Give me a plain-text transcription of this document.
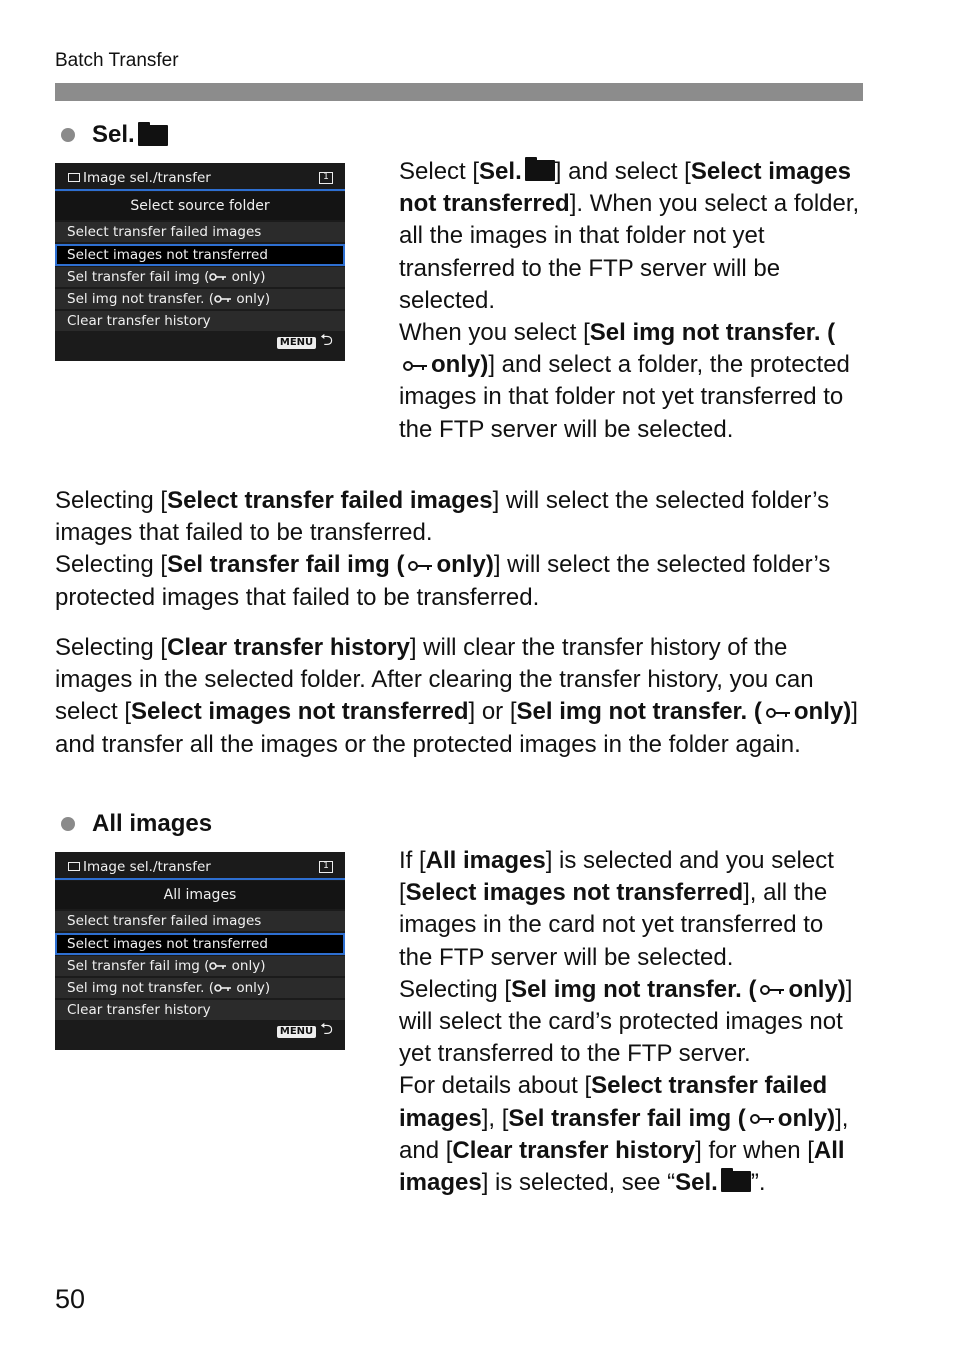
Batch Transfer
Sel.
Image sel./transfer	1
Select source folder
Select transfer failed images
Select images not transferred
Sel transfer fail img ( only)
Sel img not transfer. ( only)
Clear transfer history
MENU ⮌

Select [Sel. ] and select [Select images not transferred]. When you select a folder, all the images in that folder not yet transferred to the FTP server will be selected.

When you select [Sel img not transfer. (only)] and select a folder, the protected images in that folder not yet transferred to the FTP server will be selected.

Selecting [Select transfer failed images] will select the selected folder’s images that failed to be transferred.

Selecting [Sel transfer fail img ( only)] will select the selected folder’s protected images that failed to be transferred.

Selecting [Clear transfer history] will clear the transfer history of the images in the selected folder. After clearing the transfer history, you can select [Select images not transferred] or [Sel img not transfer. ( only)] and transfer all the images or the protected images in the folder again.

All images
Image sel./transfer	1
All images
Select transfer failed images
Select images not transferred
Sel transfer fail img ( only)
Sel img not transfer. ( only)
Clear transfer history
MENU ⮌

If [All images] is selected and you select [Select images not transferred], all the images in the card not yet transferred to the FTP server will be selected.

Selecting [Sel img not transfer. ( only)] will select the card’s protected images not yet transferred to the FTP server.

For details about [Select transfer failed images], [Sel transfer fail img ( only)], and [Clear transfer history] for when [All images] is selected, see “Sel. ”.

50
